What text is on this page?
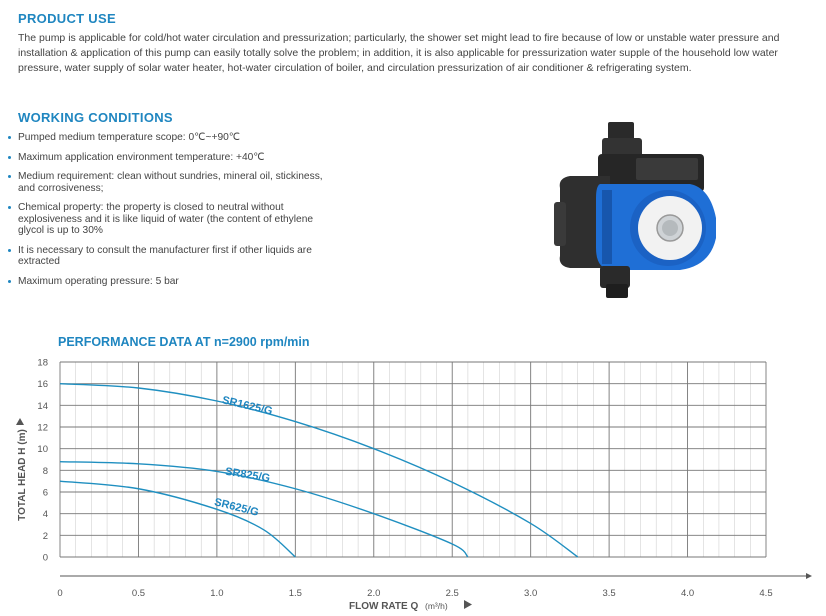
PRODUCT USE
The pump is applicable for cold/hot water circulation and pressurization; particularly, the shower set might lead to fire because of low or unstable water pressure and installation & application of this pump can easily totally solve the problem; in addition, it is also applicable for pressurization water supple of the household low water pressure, water supply of solar water heater, hot-water circulation of boiler, and circulation pressurization of air conditioner & refrigerating system.
WORKING CONDITIONS
Pumped medium temperature scope: 0℃~+90℃
Maximum application environment temperature: +40℃
Medium requirement: clean without sundries, mineral oil, stickiness, and corrosiveness;
Chemical property: the property is closed to neutral without explosiveness and it is like liquid of water (the content of ethylene glycol is up to 30%
It is necessary to consult the manufacturer first if other liquids are extracted
Maximum operating pressure: 5 bar
PERFORMANCE DATA AT n=2900 rpm/min
0
2
4
6
8
10
12
14
16
18
0	0.5	1.0	1.5	2.0	2.5	3.0	3.5	4.0	4.5
SR1625/G
SR825/G
SR625/G
TOTAL HEAD H (m)
FLOW RATE Q (m³/h)
